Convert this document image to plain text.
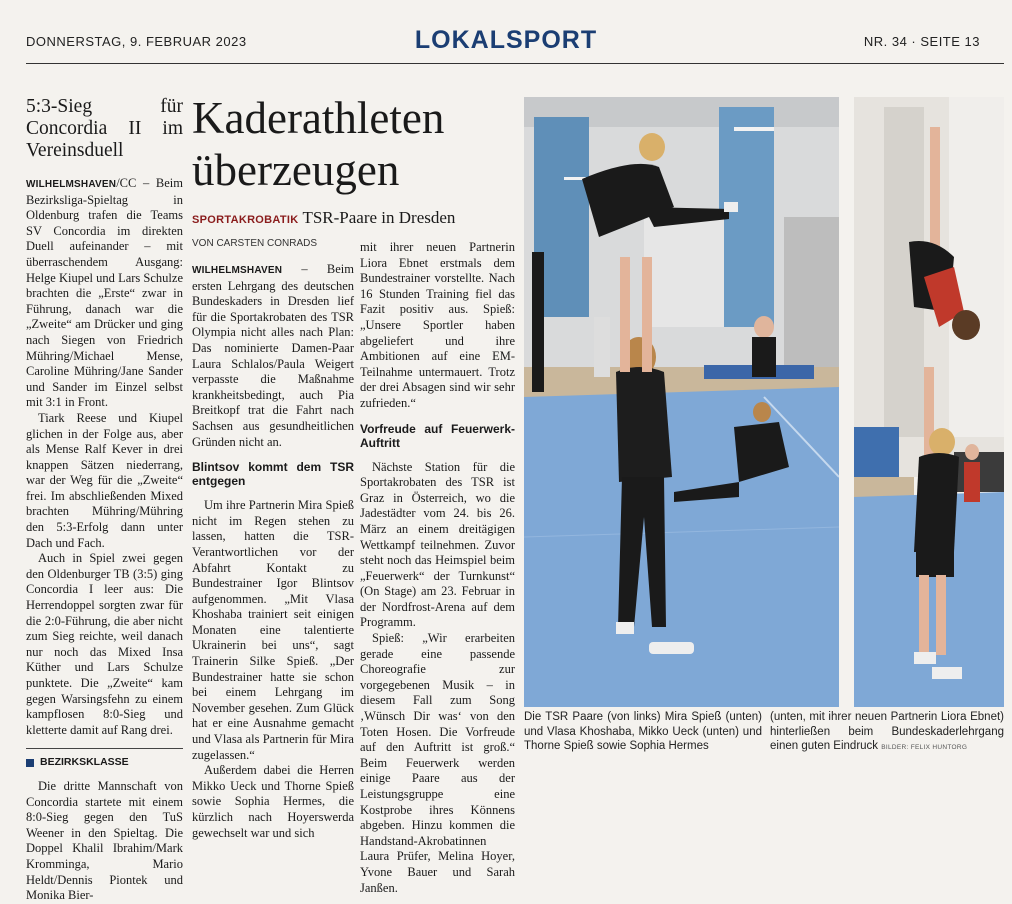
DONNERSTAG, 9. FEBRUAR 2023	LOKALSPORT	NR. 34 · SEITE 13
5:3-Sieg für Concordia II im Vereinsduell

WILHELMSHAVEN/CC – Beim Bezirksliga-Spieltag in Oldenburg trafen die Teams SV Concordia im direkten Duell aufeinander – mit überraschendem Ausgang: Helge Kiupel und Lars Schulze brachten die „Erste“ zwar in Führung, danach war die „Zweite“ am Drücker und ging nach Siegen von Friedrich Mühring/Michael Mense, Caroline Mühring/Jane Sander und Sander im Einzel selbst mit 3:1 in Front.

Tiark Reese und Kiupel glichen in der Folge aus, aber als Mense Ralf Kever in drei knappen Sätzen niederrang, war der Weg für die „Zweite“ frei. Im abschließenden Mixed brachten Mühring/Mühring den 5:3-Erfolg dann unter Dach und Fach.

Auch in Spiel zwei gegen den Oldenburger TB (3:5) ging Concordia I leer aus: Die Herrendoppel sorgten zwar für die 2:0-Führung, die aber nicht zum Sieg reichte, weil danach nur noch das Mixed Insa Küther und Lars Schulze punktete. Die „Zweite“ kam gegen Warsingsfehn zu einem kampflosen 8:0-Sieg und kletterte damit auf Rang drei.

BEZIRKSKLASSE

Die dritte Mannschaft von Concordia startete mit einem 8:0-Sieg gegen den TuS Weener in den Spieltag. Die Doppel Khalil Ibrahim/Mark Kromminga, Mario Heldt/Dennis Piontek und Monika Bier-

Kaderathleten
überzeugen
SPORTAKROBATIK TSR-Paare in Dresden
VON CARSTEN CONRADS

WILHELMSHAVEN – Beim ersten Lehrgang des deutschen Bundeskaders in Dresden lief für die Sportakrobaten des TSR Olympia nicht alles nach Plan: Das nominierte Damen-Paar Laura Schlalos/Paula Weigert verpasste die Maßnahme krankheitsbedingt, auch Pia Breitkopf trat die Fahrt nach Sachsen aus gesundheitlichen Gründen nicht an.

Blintsov kommt dem TSR entgegen

Um ihre Partnerin Mira Spieß nicht im Regen stehen zu lassen, hatten die TSR-Verantwortlichen vor der Abfahrt Kontakt zu Bundestrainer Igor Blintsov aufgenommen. „Mit Vlasa Khoshaba trainiert seit einigen Monaten eine talentierte Ukrainerin bei uns“, sagt Trainerin Silke Spieß. „Der Bundestrainer hatte sie schon bei einem Lehrgang im November gesehen. Zum Glück hat er eine Ausnahme gemacht und Vlasa als Partnerin für Mira zugelassen.“

Außerdem dabei die Herren Mikko Ueck und Thorne Spieß sowie Sophia Hermes, die kürzlich nach Hoyerswerda gewechselt war und sich

mit ihrer neuen Partnerin Liora Ebnet erstmals dem Bundestrainer vorstellte. Nach 16 Stunden Training fiel das Fazit positiv aus. Spieß: „Unsere Sportler haben abgeliefert und ihre Ambitionen auf eine EM-Teilnahme untermauert. Trotz der drei Absagen sind wir sehr zufrieden.“

Vorfreude auf Feuerwerk-Auftritt

Nächste Station für die Sportakrobaten des TSR ist Graz in Österreich, wo die Jadestädter vom 24. bis 26. März an einem dreitägigen Wettkampf teilnehmen. Zuvor steht noch das Heimspiel beim „Feuerwerk“ der Turnkunst“ (On Stage) am 23. Februar in der Nordfrost-Arena auf dem Programm.

Spieß: „Wir erarbeiten gerade eine passende Choreografie zur vorgegebenen Musik – in diesem Fall zum Song ‚Wünsch Dir was‘ von den Toten Hosen. Die Vorfreude auf den Auftritt ist groß.“ Beim Feuerwerk werden einige Paare aus der Leistungsgruppe eine Kostprobe ihres Könnens abgeben. Hinzu kommen die Handstand-Akrobatinnen Laura Prüfer, Melina Hoyer, Yvone Bauer und Sarah Janßen.

Die TSR Paare (von links) Mira Spieß (unten) und Vlasa Khoshaba, Mikko Ueck (unten) und Thorne Spieß sowie Sophia Hermes
(unten, mit ihrer neuen Partnerin Liora Ebnet) hinterließen beim Bundeskaderlehrgang einen guten Eindruck BILDER: FELIX HUNTORG
